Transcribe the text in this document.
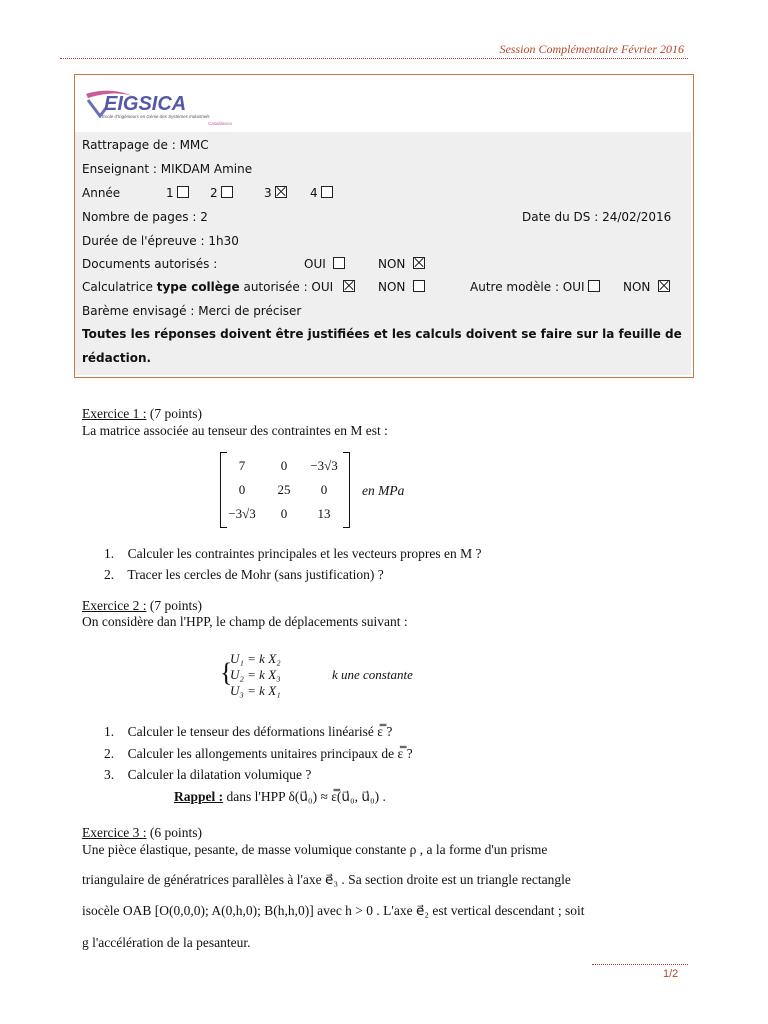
Session Complémentaire Février 2016
EIGSICA
Ecole d'Ingénieurs en Génie des Systèmes Industriels
Casablanca
Rattrapage de : MMC
Enseignant : MIKDAM Amine
Année	1	2	3	4
Nombre de pages : 2	Date du DS : 24/02/2016
Durée de l'épreuve : 1h30
Documents autorisés :	OUI	NON
Calculatrice type collège autorisée : OUI	NON	Autre modèle : OUI	NON
Barème envisagé : Merci de préciser
Toutes les réponses doivent être justifiées et les calculs doivent se faire sur la feuille de
rédaction.
Exercice 1 : (7 points)
La matrice associée au tenseur des contraintes en M est :
7	0	−3√3
0	25	0
−3√3	0	13
en MPa
1.    Calculer les contraintes principales et les vecteurs propres en M ?
2.    Tracer les cercles de Mohr (sans justification) ?
Exercice 2 : (7 points)
On considère dan l'HPP, le champ de déplacements suivant :
{
U₁ = k X₂
U₂ = k X₃
U₃ = k X₁
k une constante
1.    Calculer le tenseur des déformations linéarisé ε̿ ?
2.    Calculer les allongements unitaires principaux de ε̿ ?
3.    Calculer la dilatation volumique ?
Rappel : dans l'HPP δ(u⃗₀) ≈ ε̿(u⃗₀, u⃗₀) .
Exercice 3 : (6 points)
Une pièce élastique, pesante, de masse volumique constante ρ , a la forme d'un prisme
triangulaire de génératrices parallèles à l'axe e⃗₃ . Sa section droite est un triangle rectangle
isocèle OAB [O(0,0,0); A(0,h,0); B(h,h,0)] avec h > 0 . L'axe e⃗₂ est vertical descendant ; soit
g l'accélération de la pesanteur.
1/2
